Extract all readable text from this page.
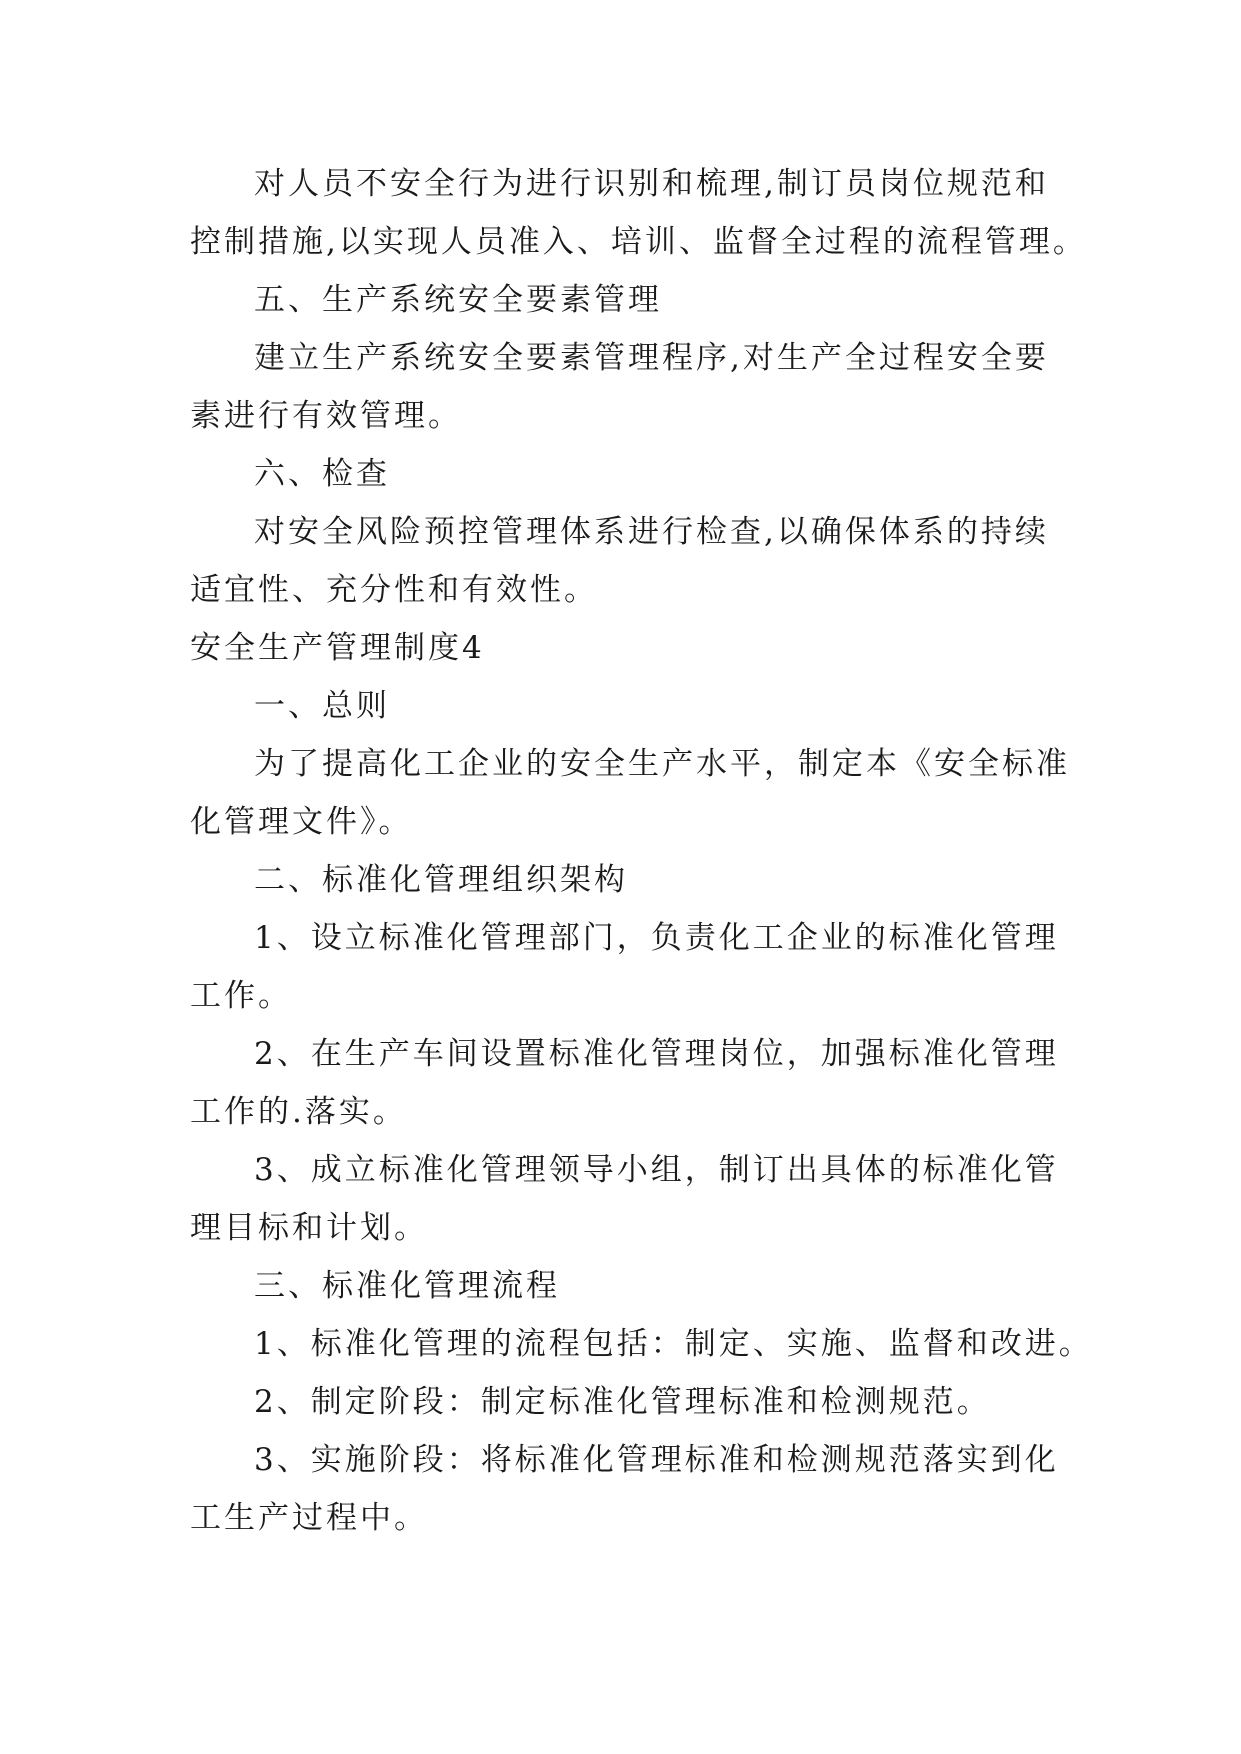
对人员不安全行为进行识别和梳理,制订员岗位规范和
控制措施,以实现人员准入、培训、监督全过程的流程管理。

五、生产系统安全要素管理

建立生产系统安全要素管理程序,对生产全过程安全要
素进行有效管理。

六、检查

对安全风险预控管理体系进行检查,以确保体系的持续
适宜性、充分性和有效性。

安全生产管理制度4

一、总则

为了提高化工企业的安全生产水平，制定本《安全标准
化管理文件》。

二、标准化管理组织架构

1、设立标准化管理部门，负责化工企业的标准化管理
工作。

2、在生产车间设置标准化管理岗位，加强标准化管理
工作的.落实。

3、成立标准化管理领导小组，制订出具体的标准化管
理目标和计划。

三、标准化管理流程

1、标准化管理的流程包括：制定、实施、监督和改进。

2、制定阶段：制定标准化管理标准和检测规范。

3、实施阶段：将标准化管理标准和检测规范落实到化
工生产过程中。
